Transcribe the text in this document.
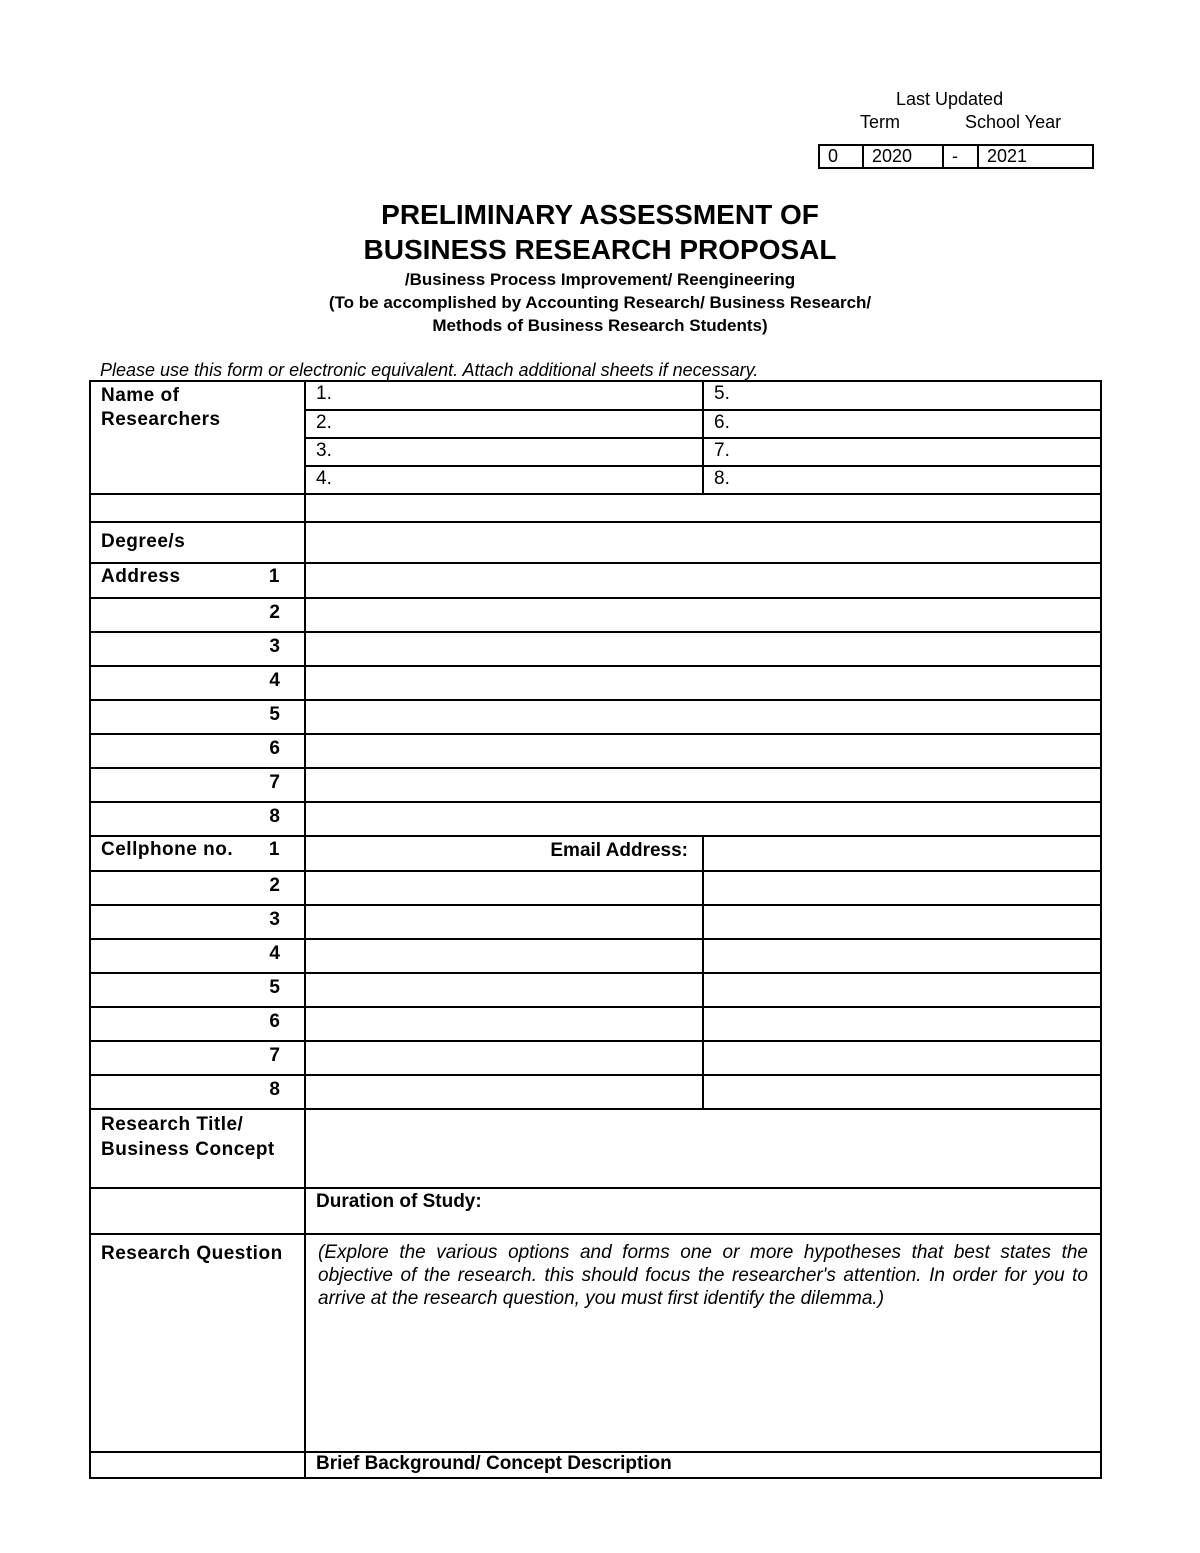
Last Updated
Term	School Year
0	2020	-	2021
PRELIMINARY ASSESSMENT OF
BUSINESS RESEARCH PROPOSAL
/Business Process Improvement/ Reengineering
(To be accomplished by Accounting Research/ Business Research/
Methods of Business Research Students)
Please use this form or electronic equivalent. Attach additional sheets if necessary.
Name of Researchers	1.	5.
	2.	6.
	3.	7.
	4.	8.

Degree/s		

Address 1		

2		
3		
4		
5		
6		
7		
8		

Cellphone no. 1	Email Address:	
2		
3		
4		
5		
6		
7		
8		
Research Title/ Business Concept		
	Duration of Study:	
Research Question	(Explore the various options and forms one or more hypotheses that best states the objective of the research. this should focus the researcher's attention. In order for you to arrive at the research question, you must first identify the dilemma.)	
	Brief Background/ Concept Description	
